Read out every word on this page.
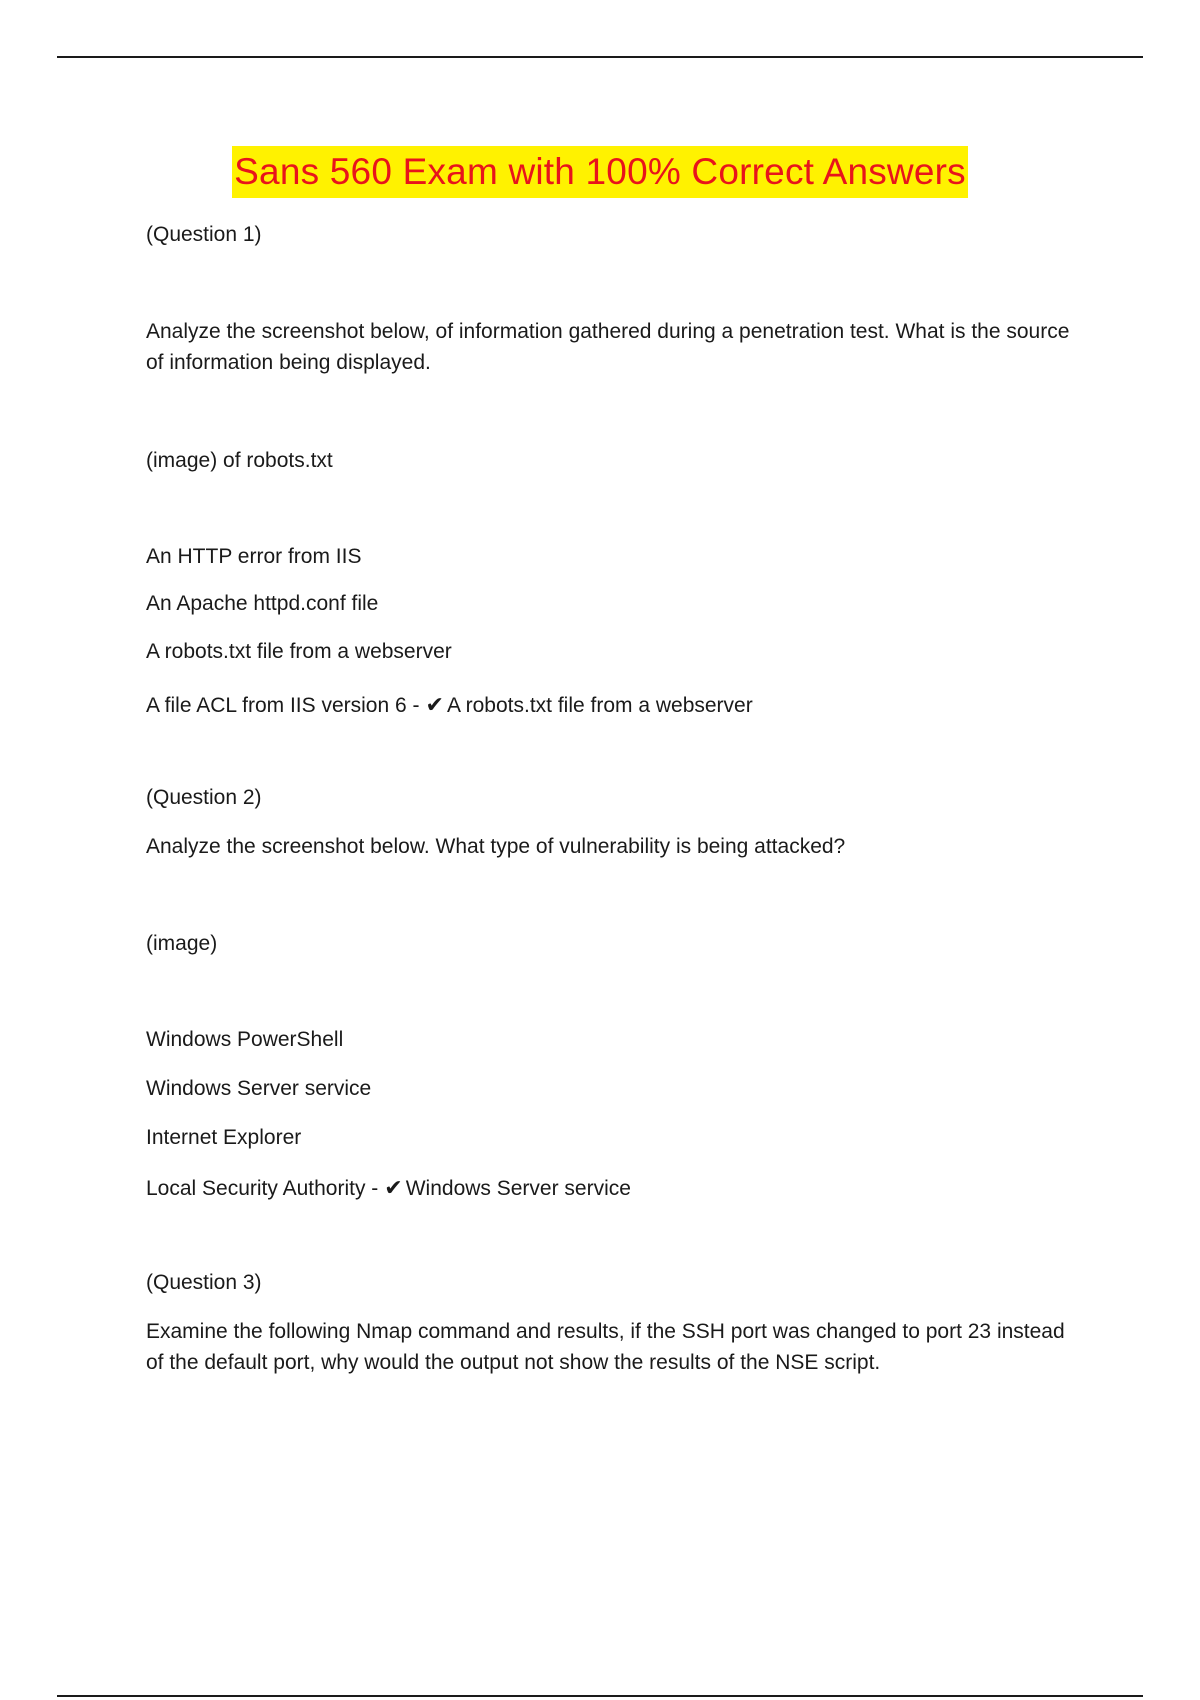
Sans 560 Exam with 100% Correct Answers
(Question 1)
Analyze the screenshot below, of information gathered during a penetration test. What is the source of information being displayed.
(image) of robots.txt
An HTTP error from IIS
An Apache httpd.conf file
A robots.txt file from a webserver
A file ACL from IIS version 6 - ✔ A robots.txt file from a webserver
(Question 2)
Analyze the screenshot below. What type of vulnerability is being attacked?
(image)
Windows PowerShell
Windows Server service
Internet Explorer
Local Security Authority - ✔ Windows Server service
(Question 3)
Examine the following Nmap command and results, if the SSH port was changed to port 23 instead of the default port, why would the output not show the results of the NSE script.
